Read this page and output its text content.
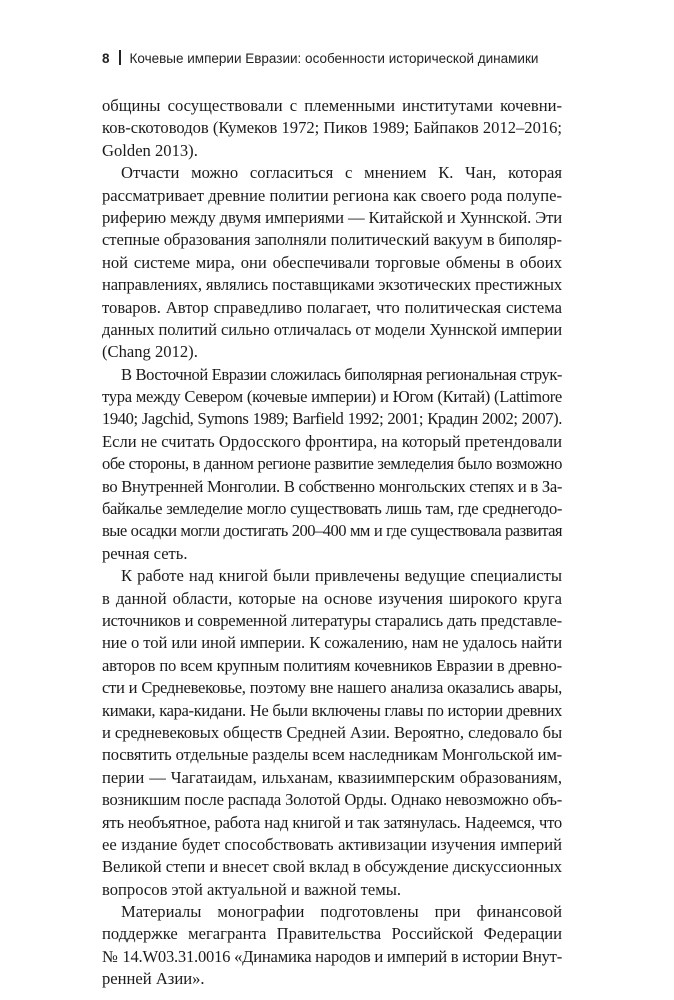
8 Кочевые империи Евразии: особенности исторической динамики
общины сосуществовали с племенными институтами кочевни-
ков-скотоводов (Кумеков 1972; Пиков 1989; Байпаков 2012–2016;
Golden 2013).
Отчасти можно согласиться с мнением К. Чан, которая
рассматривает древние политии региона как своего рода полупе-
риферию между двумя империями — Китайской и Хуннской. Эти
степные образования заполняли политический вакуум в биполяр-
ной системе мира, они обеспечивали торговые обмены в обоих
направлениях, являлись поставщиками экзотических престижных
товаров. Автор справедливо полагает, что политическая система
данных политий сильно отличалась от модели Хуннской империи
(Chang 2012).
В Восточной Евразии сложилась биполярная региональная струк-
тура между Севером (кочевые империи) и Югом (Китай) (Lattimore
1940; Jagchid, Symons 1989; Barfield 1992; 2001; Крадин 2002; 2007).
Если не считать Ордосского фронтира, на который претендовали
обе стороны, в данном регионе развитие земледелия было возможно
во Внутренней Монголии. В собственно монгольских степях и в За-
байкалье земледелие могло существовать лишь там, где среднегодо-
вые осадки могли достигать 200–400 мм и где существовала развитая
речная сеть.
К работе над книгой были привлечены ведущие специалисты
в данной области, которые на основе изучения широкого круга
источников и современной литературы старались дать представле-
ние о той или иной империи. К сожалению, нам не удалось найти
авторов по всем крупным политиям кочевников Евразии в древно-
сти и Средневековье, поэтому вне нашего анализа оказались авары,
кимаки, кара-кидани. Не были включены главы по истории древних
и средневековых обществ Средней Азии. Вероятно, следовало бы
посвятить отдельные разделы всем наследникам Монгольской им-
перии — Чагатаидам, ильханам, квазиимперским образованиям,
возникшим после распада Золотой Орды. Однако невозможно объ-
ять необъятное, работа над книгой и так затянулась. Надеемся, что
ее издание будет способствовать активизации изучения империй
Великой степи и внесет свой вклад в обсуждение дискуссионных
вопросов этой актуальной и важной темы.
Материалы монографии подготовлены при финансовой
поддержке мегагранта Правительства Российской Федерации
№ 14.W03.31.0016 «Динамика народов и империй в истории Внут-
ренней Азии».
